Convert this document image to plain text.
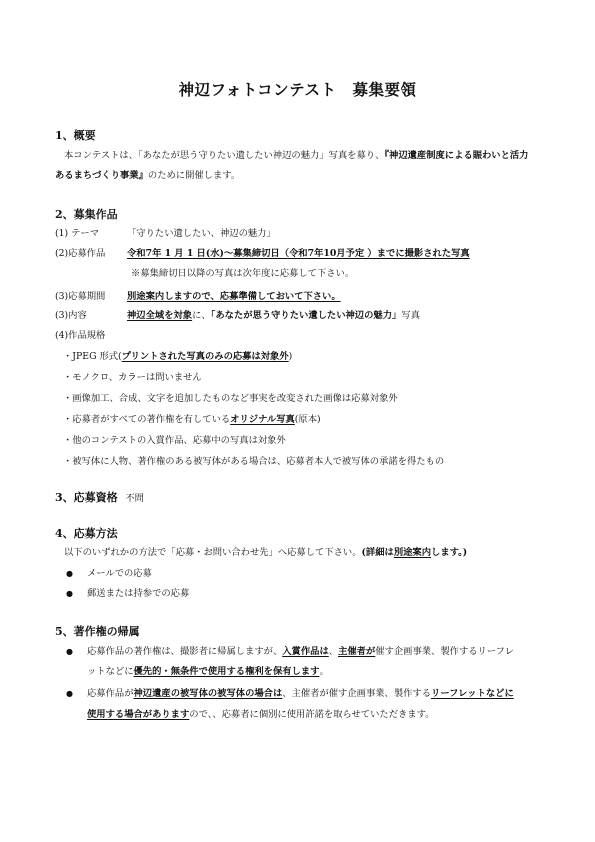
神辺フォトコンテスト　募集要領
1、概要
本コンテストは、「あなたが思う守りたい遺したい神辺の魅力」写真を募り、『神辺遺産制度による賑わいと活力
あるまちづくり事業』のために開催します。
2、募集作品
(1) テーマ	「守りたい遺したい、神辺の魅力」
(2)応募作品 令和7年 1 月 1 日(水)～募集締切日（令和7年10月予定 ）までに撮影された写真
※募集締切日以降の写真は次年度に応募して下さい。
(3)応募期間 別途案内しますので、応募準備しておいて下さい。
(3)内容	神辺全域を対象に、「あなたが思う守りたい遺したい神辺の魅力」写真
(4)作品規格
・JPEG 形式(プリントされた写真のみの応募は対象外)
・モノクロ、カラーは問いません
・画像加工、合成、文字を追加したものなど事実を改変された画像は応募対象外
・応募者がすべての著作権を有しているオリジナル写真(原本)
・他のコンテストの入賞作品、応募中の写真は対象外
・被写体に人物、著作権のある被写体がある場合は、応募者本人で被写体の承諾を得たもの
3、応募資格 不問
4、応募方法
以下のいずれかの方法で「応募・お問い合わせ先」へ応募して下さい。(詳細は別途案内します。)
● メールでの応募
● 郵送または持参での応募
5、著作権の帰属
● 応募作品の著作権は、撮影者に帰属しますが、入賞作品は、主催者が催す企画事業、製作するリーフレ
ットなどに優先的・無条件で使用する権利を保有します。
● 応募作品が神辺遺産の被写体の被写体の場合は、主催者が催す企画事業、製作するリーフレットなどに
使用する場合がありますので、、応募者に個別に使用許諾を取らせていただきます。
